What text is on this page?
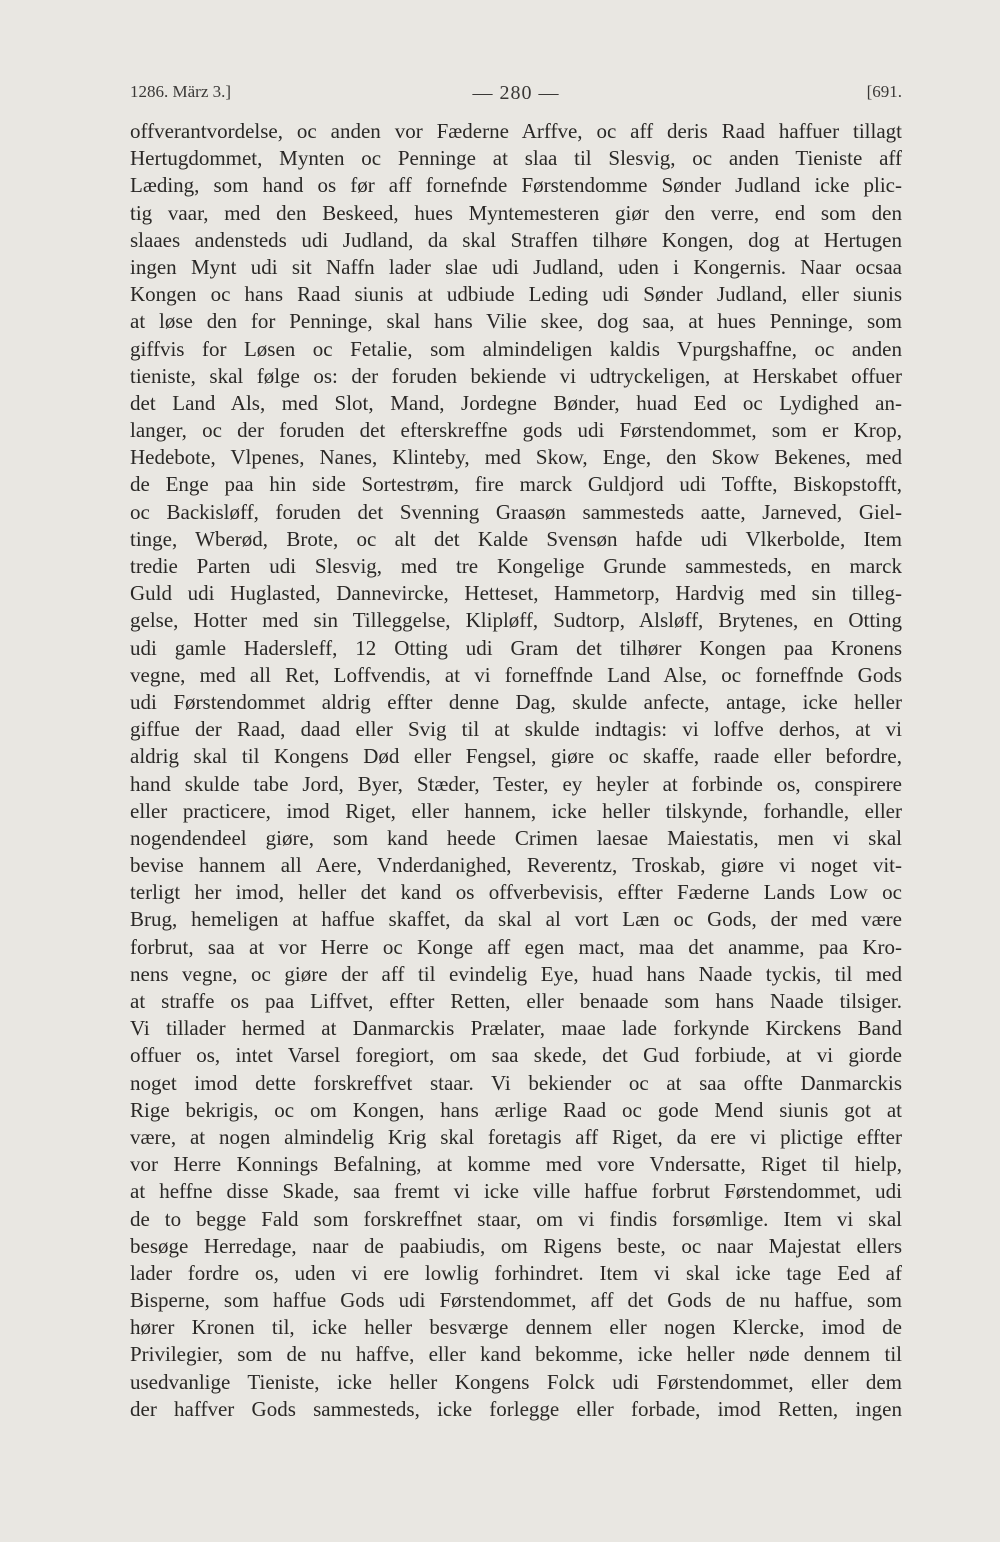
1286. März 3.]	— 280 —	[691.
offverantvordelse, oc anden vor Fæderne Arffve, oc aff deris Raad haffuer tillagt
Hertugdommet, Mynten oc Penninge at slaa til Slesvig, oc anden Tieniste aff
Læding, som hand os før aff fornefnde Førstendomme Sønder Judland icke plic-
tig vaar, med den Beskeed, hues Myntemesteren giør den verre, end som den
slaaes andensteds udi Judland, da skal Straffen tilhøre Kongen, dog at Hertugen
ingen Mynt udi sit Naffn lader slae udi Judland, uden i Kongernis. Naar ocsaa
Kongen oc hans Raad siunis at udbiude Leding udi Sønder Judland, eller siunis
at løse den for Penninge, skal hans Vilie skee, dog saa, at hues Penninge, som
giffvis for Løsen oc Fetalie, som almindeligen kaldis Vpurgshaffne, oc anden
tieniste, skal følge os: der foruden bekiende vi udtryckeligen, at Herskabet offuer
det Land Als, med Slot, Mand, Jordegne Bønder, huad Eed oc Lydighed an-
langer, oc der foruden det efterskreffne gods udi Førstendommet, som er Krop,
Hedebote, Vlpenes, Nanes, Klinteby, med Skow, Enge, den Skow Bekenes, med
de Enge paa hin side Sortestrøm, fire marck Guldjord udi Toffte, Biskopstofft,
oc Backisløff, foruden det Svenning Graasøn sammesteds aatte, Jarneved, Giel-
tinge, Wberød, Brote, oc alt det Kalde Svensøn hafde udi Vlkerbolde, Item
tredie Parten udi Slesvig, med tre Kongelige Grunde sammesteds, en marck
Guld udi Huglasted, Dannevircke, Hetteset, Hammetorp, Hardvig med sin tilleg-
gelse, Hotter med sin Tilleggelse, Klipløff, Sudtorp, Alsløff, Brytenes, en Otting
udi gamle Hadersleff, 12 Otting udi Gram det tilhører Kongen paa Kronens
vegne, med all Ret, Loffvendis, at vi forneffnde Land Alse, oc forneffnde Gods
udi Førstendommet aldrig effter denne Dag, skulde anfecte, antage, icke heller
giffue der Raad, daad eller Svig til at skulde indtagis: vi loffve derhos, at vi
aldrig skal til Kongens Død eller Fengsel, giøre oc skaffe, raade eller befordre,
hand skulde tabe Jord, Byer, Stæder, Tester, ey heyler at forbinde os, conspirere
eller practicere, imod Riget, eller hannem, icke heller tilskynde, forhandle, eller
nogendendeel giøre, som kand heede Crimen laesae Maiestatis, men vi skal
bevise hannem all Aere, Vnderdanighed, Reverentz, Troskab, giøre vi noget vit-
terligt her imod, heller det kand os offverbevisis, effter Fæderne Lands Low oc
Brug, hemeligen at haffue skaffet, da skal al vort Læn oc Gods, der med være
forbrut, saa at vor Herre oc Konge aff egen mact, maa det anamme, paa Kro-
nens vegne, oc giøre der aff til evindelig Eye, huad hans Naade tyckis, til med
at straffe os paa Liffvet, effter Retten, eller benaade som hans Naade tilsiger.
Vi tillader hermed at Danmarckis Prælater, maae lade forkynde Kirckens Band
offuer os, intet Varsel foregiort, om saa skede, det Gud forbiude, at vi giorde
noget imod dette forskreffvet staar. Vi bekiender oc at saa offte Danmarckis
Rige bekrigis, oc om Kongen, hans ærlige Raad oc gode Mend siunis got at
være, at nogen almindelig Krig skal foretagis aff Riget, da ere vi plictige effter
vor Herre Konnings Befalning, at komme med vore Vndersatte, Riget til hielp,
at heffne disse Skade, saa fremt vi icke ville haffue forbrut Førstendommet, udi
de to begge Fald som forskreffnet staar, om vi findis forsømlige. Item vi skal
besøge Herredage, naar de paabiudis, om Rigens beste, oc naar Majestat ellers
lader fordre os, uden vi ere lowlig forhindret. Item vi skal icke tage Eed af
Bisperne, som haffue Gods udi Førstendommet, aff det Gods de nu haffue, som
hører Kronen til, icke heller besværge dennem eller nogen Klercke, imod de
Privilegier, som de nu haffve, eller kand bekomme, icke heller nøde dennem til
usedvanlige Tieniste, icke heller Kongens Folck udi Førstendommet, eller dem
der haffver Gods sammesteds, icke forlegge eller forbade, imod Retten, ingen
